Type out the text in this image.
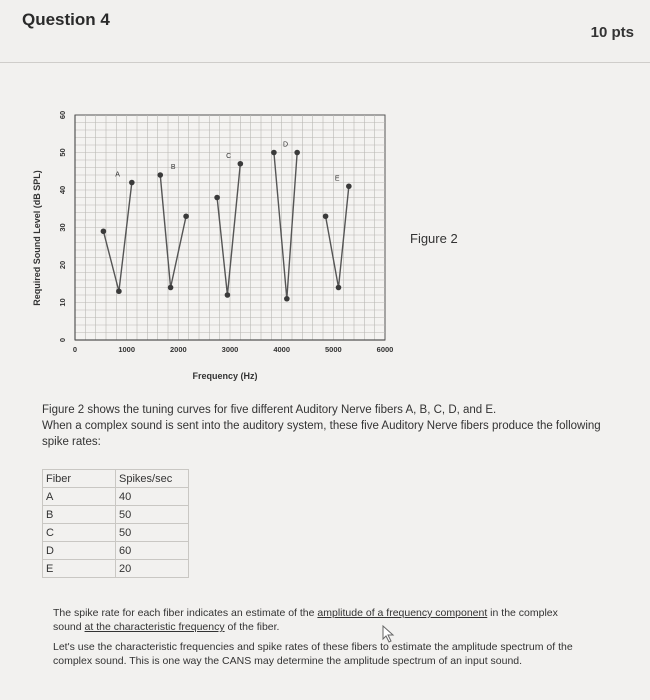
Question 4
10 pts
0	1000	2000	3000	4000	5000	6000
0
10
20
30
40
50
60
A
B
C
D
E
Frequency (Hz)
Required Sound Level (dB SPL)	Figure 2
Figure 2 shows the tuning curves for five different Auditory Nerve fibers A, B, C, D, and E.
When a complex sound is sent into the auditory system, these five Auditory Nerve fibers produce the following spike rates:
Fiber	Spikes/sec
A	40
B	50
C	50
D	60
E	20
The spike rate for each fiber indicates an estimate of the amplitude of a frequency component in the complex sound at the characteristic frequency of the fiber.
Let's use the characteristic frequencies and spike rates of these fibers to estimate the amplitude spectrum of the complex sound. This is one way the CANS may determine the amplitude spectrum of an input sound.
